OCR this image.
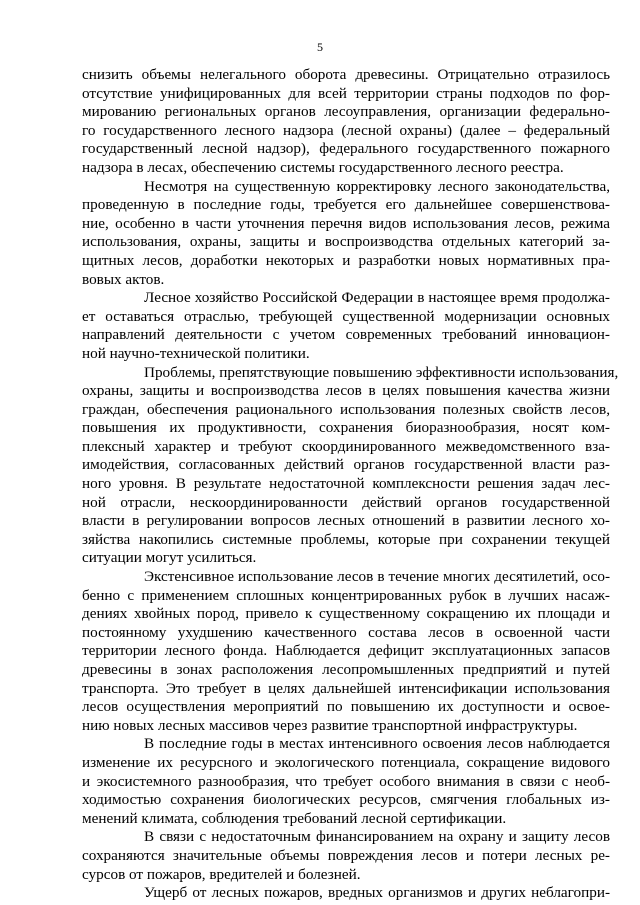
5
снизить объемы нелегального оборота древесины. Отрицательно отразилось
отсутствие унифицированных для всей территории страны подходов по фор-
мированию региональных органов лесоуправления, организации федерально-
го государственного лесного надзора (лесной охраны) (далее – федеральный
государственный лесной надзор), федерального государственного пожарного
надзора в лесах, обеспечению системы государственного лесного реестра.
Несмотря на существенную корректировку лесного законодательства,
проведенную в последние годы, требуется его дальнейшее совершенствова-
ние, особенно в части уточнения перечня видов использования лесов, режима
использования, охраны, защиты и воспроизводства отдельных категорий за-
щитных лесов, доработки некоторых и разработки новых нормативных пра-
вовых актов.
Лесное хозяйство Российской Федерации в настоящее время продолжа-
ет оставаться отраслью, требующей существенной модернизации основных
направлений деятельности с учетом современных требований инновацион-
ной научно-технической политики.
Проблемы, препятствующие повышению эффективности использования,
охраны, защиты и воспроизводства лесов в целях повышения качества жизни
граждан, обеспечения рационального использования полезных свойств лесов,
повышения их продуктивности, сохранения биоразнообразия, носят ком-
плексный характер и требуют скоординированного межведомственного вза-
имодействия, согласованных действий органов государственной власти раз-
ного уровня. В результате недостаточной комплексности решения задач лес-
ной отрасли, нескоординированности действий органов государственной
власти в регулировании вопросов лесных отношений в развитии лесного хо-
зяйства накопились системные проблемы, которые при сохранении текущей
ситуации могут усилиться.
Экстенсивное использование лесов в течение многих десятилетий, осо-
бенно с применением сплошных концентрированных рубок в лучших насаж-
дениях хвойных пород, привело к существенному сокращению их площади и
постоянному ухудшению качественного состава лесов в освоенной части
территории лесного фонда. Наблюдается дефицит эксплуатационных запасов
древесины в зонах расположения лесопромышленных предприятий и путей
транспорта. Это требует в целях дальнейшей интенсификации использования
лесов осуществления мероприятий по повышению их доступности и освое-
нию новых лесных массивов через развитие транспортной инфраструктуры.
В последние годы в местах интенсивного освоения лесов наблюдается
изменение их ресурсного и экологического потенциала, сокращение видового
и экосистемного разнообразия, что требует особого внимания в связи с необ-
ходимостью сохранения биологических ресурсов, смягчения глобальных из-
менений климата, соблюдения требований лесной сертификации.
В связи с недостаточным финансированием на охрану и защиту лесов
сохраняются значительные объемы повреждения лесов и потери лесных ре-
сурсов от пожаров, вредителей и болезней.
Ущерб от лесных пожаров, вредных организмов и других неблагопри-
